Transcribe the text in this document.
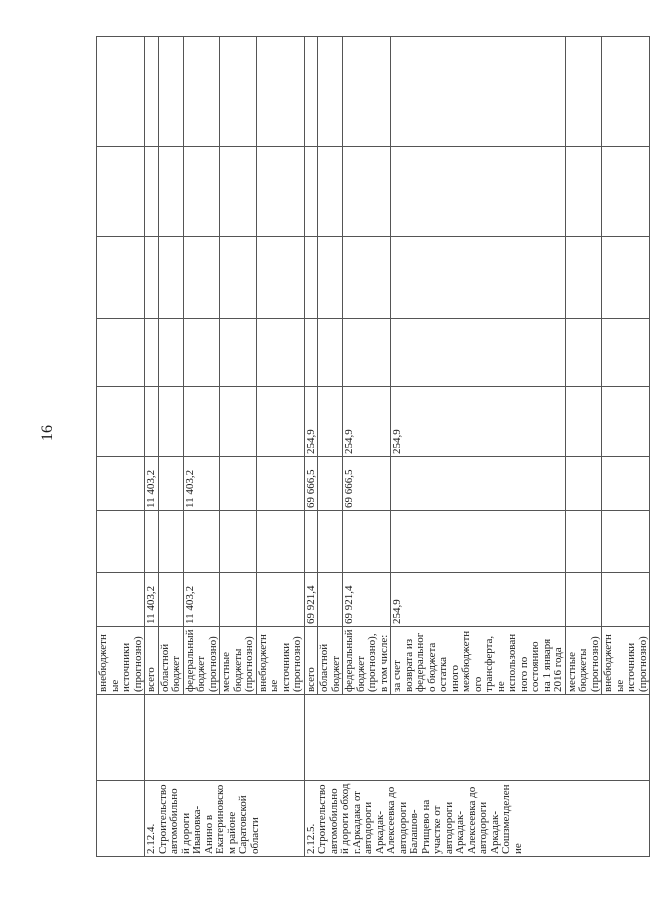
16
		внебюджетные источники (прогнозно)									
2.12.4. Строительство автомобильной дороги Ивановка-Анино в Екатериновском районе Саратовской области		всего	11 403,2		11 403,2						
		областной бюджет									
		федеральный бюджет (прогнозно)	11 403,2		11 403,2						
		местные бюджеты (прогнозно)									
		внебюджетные источники (прогнозно)									
2.12.5. Строительство автомобильной дороги обход г.Аркадака от автодороги Аркадак-Алексеевка до автодороги Балашов-Ртищево на участке от автодороги Аркадак-Алексеевка до автодороги Аркадак-Сошзмелделение		всего	69 921,4		69 666,5	254,9					
		областной бюджет									
		федеральный бюджет (прогнозно), в том числе:	69 921,4		69 666,5	254,9					
		за счет возврата из федерального бюджета остатка иного межбюджетного трансферта, не использованного по состоянию на 1 января 2016 года	254,9			254,9					
		местные бюджеты (прогнозно)									
		внебюджетные источники (прогнозно)									
